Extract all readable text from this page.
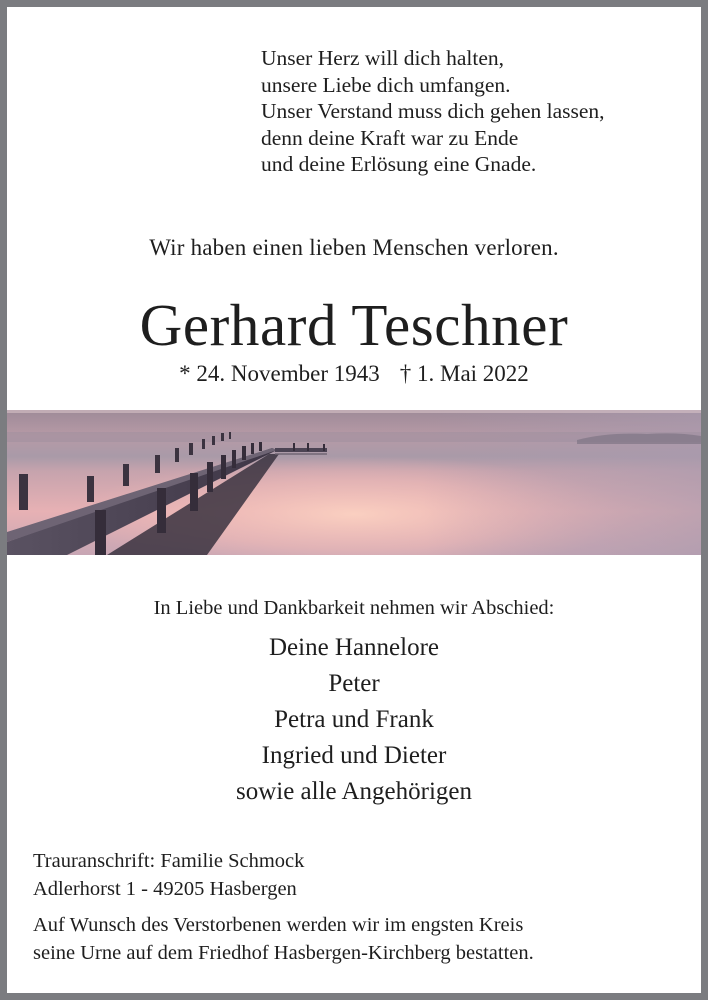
Unser Herz will dich halten,
unsere Liebe dich umfangen.
Unser Verstand muss dich gehen lassen,
denn deine Kraft war zu Ende
und deine Erlösung eine Gnade.
Wir haben einen lieben Menschen verloren.
Gerhard Teschner
* 24. November 1943 † 1. Mai 2022
In Liebe und Dankbarkeit nehmen wir Abschied:
Deine Hannelore
Peter
Petra und Frank
Ingried und Dieter
sowie alle Angehörigen
Trauranschrift: Familie Schmock
Adlerhorst 1 - 49205 Hasbergen
Auf Wunsch des Verstorbenen werden wir im engsten Kreis
seine Urne auf dem Friedhof Hasbergen-Kirchberg bestatten.
